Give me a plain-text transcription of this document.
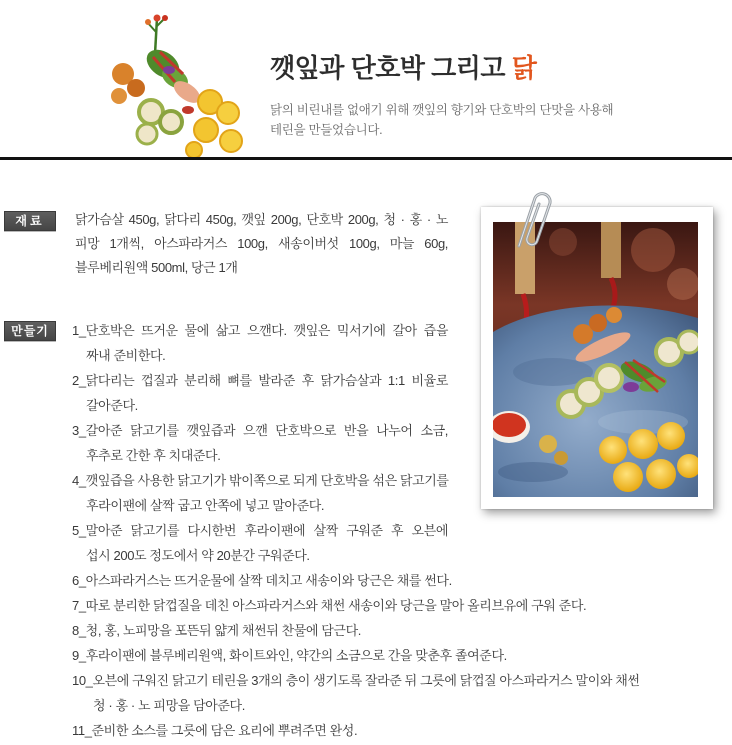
깻잎과 단호박 그리고 닭
닭의 비린내를 없애기 위해 깻잎의 향기와 단호박의 단맛을 사용해
테린을 만들었습니다.
재료	닭가슴살 450g, 닭다리 450g, 깻잎 200g, 단호박 200g, 청 · 홍 · 노
피망 1개씩, 아스파라거스 100g, 새송이버섯 100g, 마늘 60g,
블루베리원액 500ml, 당근 1개
만들기	1_단호박은 뜨거운 물에 삶고 으깬다. 깻잎은 믹서기에 갈아 즙을
짜내 준비한다.
2_닭다리는 껍질과 분리해 뼈를 발라준 후 닭가슴살과 1:1 비율로
갈아준다.
3_갈아준 닭고기를 깻잎즙과 으깬 단호박으로 반을 나누어 소금,
후추로 간한 후 치대준다.
4_깻잎즙을 사용한 닭고기가 밖이쪽으로 되게 단호박을 섞은 닭고기를
후라이팬에 살짝 굽고 안쪽에 넣고 말아준다.
5_말아준 닭고기를 다시한번 후라이팬에 살짝 구워준 후 오븐에
섭시 200도 정도에서 약 20분간 구워준다.
6_아스파라거스는 뜨거운물에 살짝 데치고 새송이와 당근은 채를 썬다.
7_따로 분리한 닭껍질을 데친 아스파라거스와 채썬 새송이와 당근을 말아 올리브유에 구워 준다.
8_청, 홍, 노피망을 포뜬뒤 얇게 채썬뒤 찬물에 담근다.
9_후라이팬에 블루베리원액, 화이트와인, 약간의 소금으로 간을 맞춘후 졸여준다.
10_오븐에 구워진 닭고기 테린을 3개의 층이 생기도록 잘라준 뒤 그릇에 닭껍질 아스파라거스 말이와 채썬
청 · 홍 · 노 피망을 담아준다.
11_준비한 소스를 그릇에 담은 요리에 뿌려주면 완성.
